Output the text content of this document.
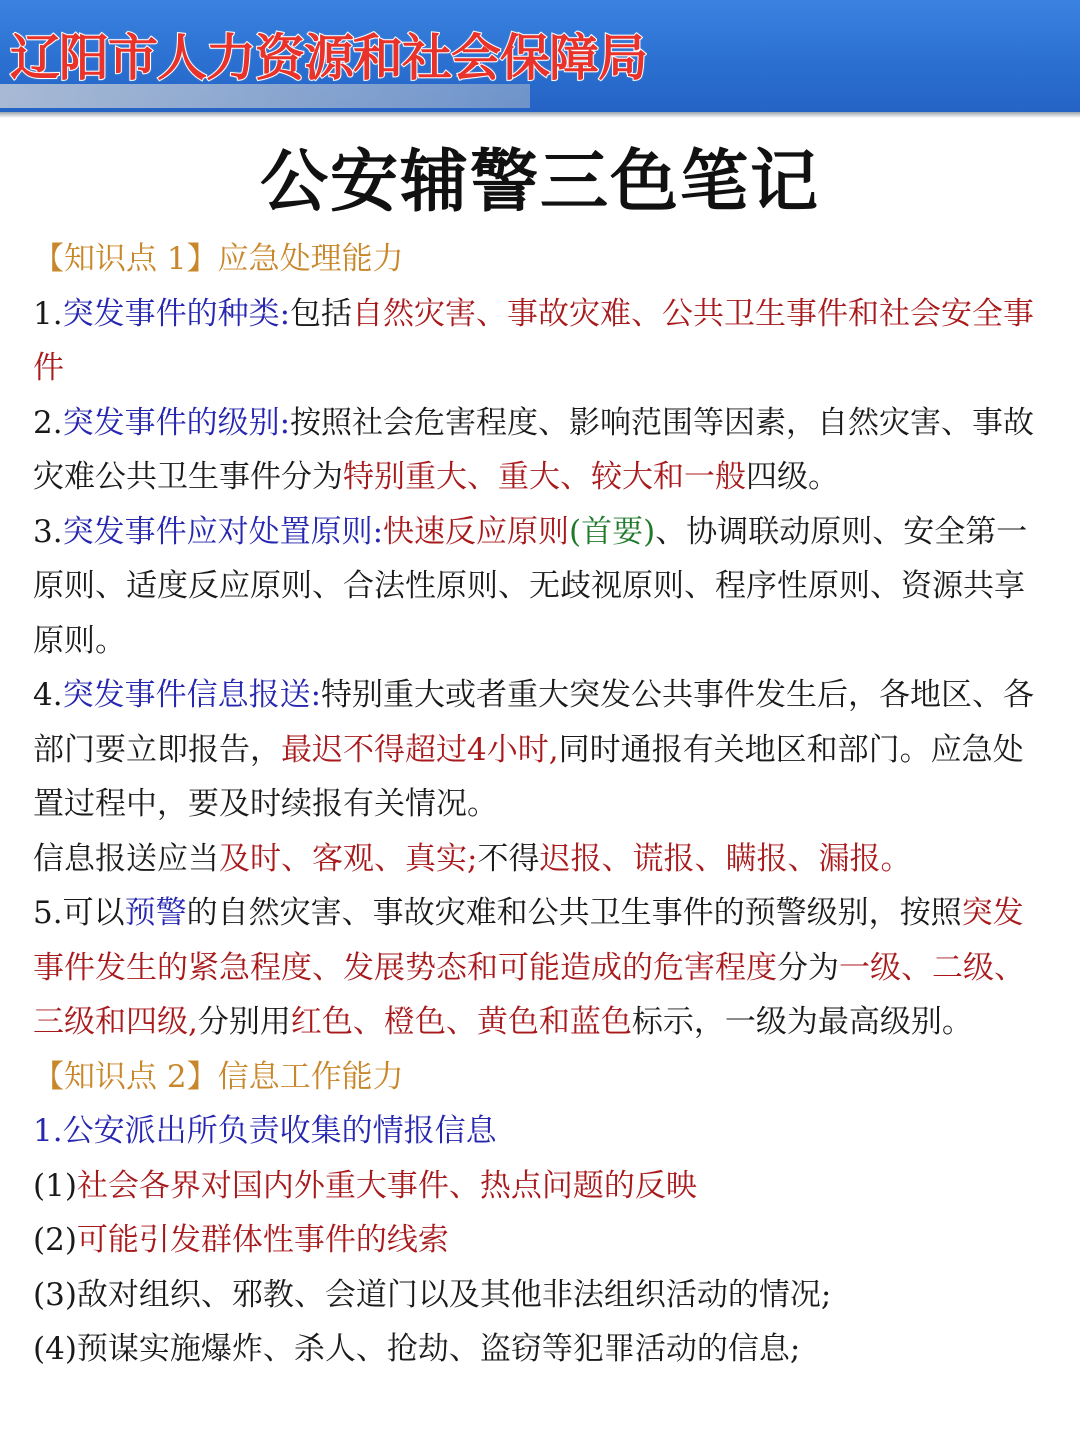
辽阳市人力资源和社会保障局
公安辅警三色笔记

【知识点 1】应急处理能力

1.突发事件的种类:包括自然灾害、事故灾难、公共卫生事件和社会安全事件

2.突发事件的级别:按照社会危害程度、影响范围等因素，自然灾害、事故灾难公共卫生事件分为特别重大、重大、较大和一般四级。

3.突发事件应对处置原则:快速反应原则(首要)、协调联动原则、安全第一原则、适度反应原则、合法性原则、无歧视原则、程序性原则、资源共享原则。

4.突发事件信息报送:特别重大或者重大突发公共事件发生后，各地区、各部门要立即报告，最迟不得超过4小时,同时通报有关地区和部门。应急处置过程中，要及时续报有关情况。

信息报送应当及时、客观、真实;不得迟报、谎报、瞒报、漏报。

5.可以预警的自然灾害、事故灾难和公共卫生事件的预警级别，按照突发事件发生的紧急程度、发展势态和可能造成的危害程度分为一级、二级、三级和四级,分别用红色、橙色、黄色和蓝色标示，一级为最高级别。

【知识点 2】信息工作能力

1.公安派出所负责收集的情报信息

(1)社会各界对国内外重大事件、热点问题的反映

(2)可能引发群体性事件的线索

(3)敌对组织、邪教、会道门以及其他非法组织活动的情况;

(4)预谋实施爆炸、杀人、抢劫、盗窃等犯罪活动的信息;
